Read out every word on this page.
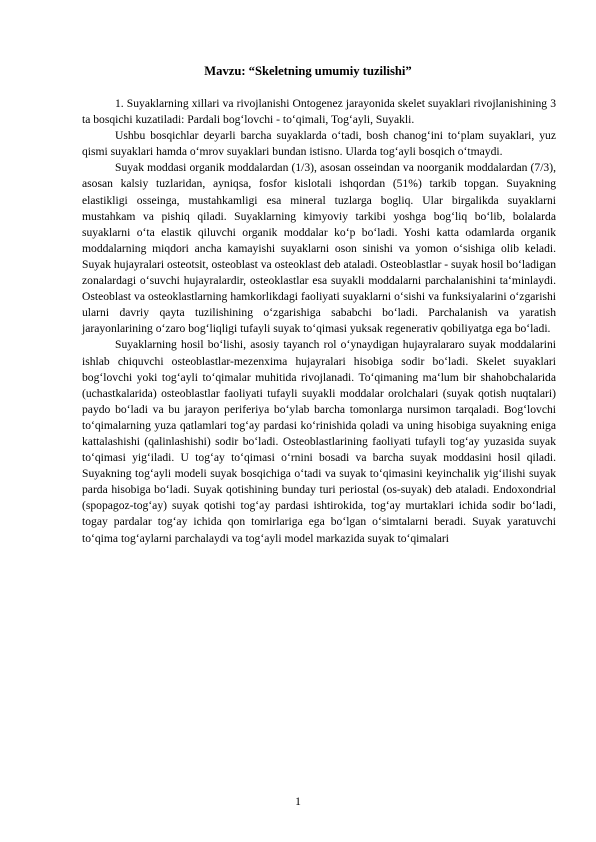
Mavzu: “Skeletning umumiy tuzilishi”

1. Suyaklarning xillari va rivojlanishi Ontogenez jarayonida skelet suyaklari rivojlanishining 3 ta bosqichi kuzatiladi: Pardali bog‘lovchi - to‘qimali, Tog‘ayli, Suyakli.

Ushbu bosqichlar deyarli barcha suyaklarda o‘tadi, bosh chanog‘ini to‘plam suyaklari, yuz qismi suyaklari hamda o‘mrov suyaklari bundan istisno. Ularda tog‘ayli bosqich o‘tmaydi.

Suyak moddasi organik moddalardan (1/3), asosan osseindan va noorganik moddalardan (7/3), asosan kalsiy tuzlaridan, ayniqsa, fosfor kislotali ishqordan (51%) tarkib topgan. Suyakning elastikligi osseinga, mustahkamligi esa mineral tuzlarga bogliq. Ular birgalikda suyaklarni mustahkam va pishiq qiladi. Suyaklarning kimyoviy tarkibi yoshga bog‘liq bo‘lib, bolalarda suyaklarni o‘ta elastik qiluvchi organik moddalar ko‘p bo‘ladi. Yoshi katta odamlarda organik moddalarning miqdori ancha kamayishi suyaklarni oson sinishi va yomon o‘sishiga olib keladi. Suyak hujayralari osteotsit, osteoblast va osteoklast deb ataladi. Osteoblastlar - suyak hosil bo‘ladigan zonalardagi o‘suvchi hujayralardir, osteoklastlar esa suyakli moddalarni parchalanishini ta‘minlaydi. Osteoblast va osteoklastlarning hamkorlikdagi faoliyati suyaklarni o‘sishi va funksiyalarini o‘zgarishi ularni davriy qayta tuzilishining o‘zgarishiga sababchi bo‘ladi. Parchalanish va yaratish jarayonlarining o‘zaro bog‘liqligi tufayli suyak to‘qimasi yuksak regenerativ qobiliyatga ega bo‘ladi.

Suyaklarning hosil bo‘lishi, asosiy tayanch rol o‘ynaydigan hujayralararo suyak moddalarini ishlab chiquvchi osteoblastlar-mezenxima hujayralari hisobiga sodir bo‘ladi. Skelet suyaklari bog‘lovchi yoki tog‘ayli to‘qimalar muhitida rivojlanadi. To‘qimaning ma‘lum bir shahobchalarida (uchastkalarida) osteoblastlar faoliyati tufayli suyakli moddalar orolchalari (suyak qotish nuqtalari) paydo bo‘ladi va bu jarayon periferiya bo‘ylab barcha tomonlarga nursimon tarqaladi. Bog‘lovchi to‘qimalarning yuza qatlamlari tog‘ay pardasi ko‘rinishida qoladi va uning hisobiga suyakning eniga kattalashishi (qalinlashishi) sodir bo‘ladi. Osteoblastlarining faoliyati tufayli tog‘ay yuzasida suyak to‘qimasi yig‘iladi. U tog‘ay to‘qimasi o‘rnini bosadi va barcha suyak moddasini hosil qiladi. Suyakning tog‘ayli modeli suyak bosqichiga o‘tadi va suyak to‘qimasini keyinchalik yig‘ilishi suyak parda hisobiga bo‘ladi. Suyak qotishining bunday turi periostal (os-suyak) deb ataladi. Endoxondrial (spopagoz-tog‘ay) suyak qotishi tog‘ay pardasi ishtirokida, tog‘ay murtaklari ichida sodir bo‘ladi, togay pardalar tog‘ay ichida qon tomirlariga ega bo‘lgan o‘simtalarni beradi. Suyak yaratuvchi to‘qima tog‘aylarni parchalaydi va tog‘ayli model markazida suyak to‘qimalari

1
